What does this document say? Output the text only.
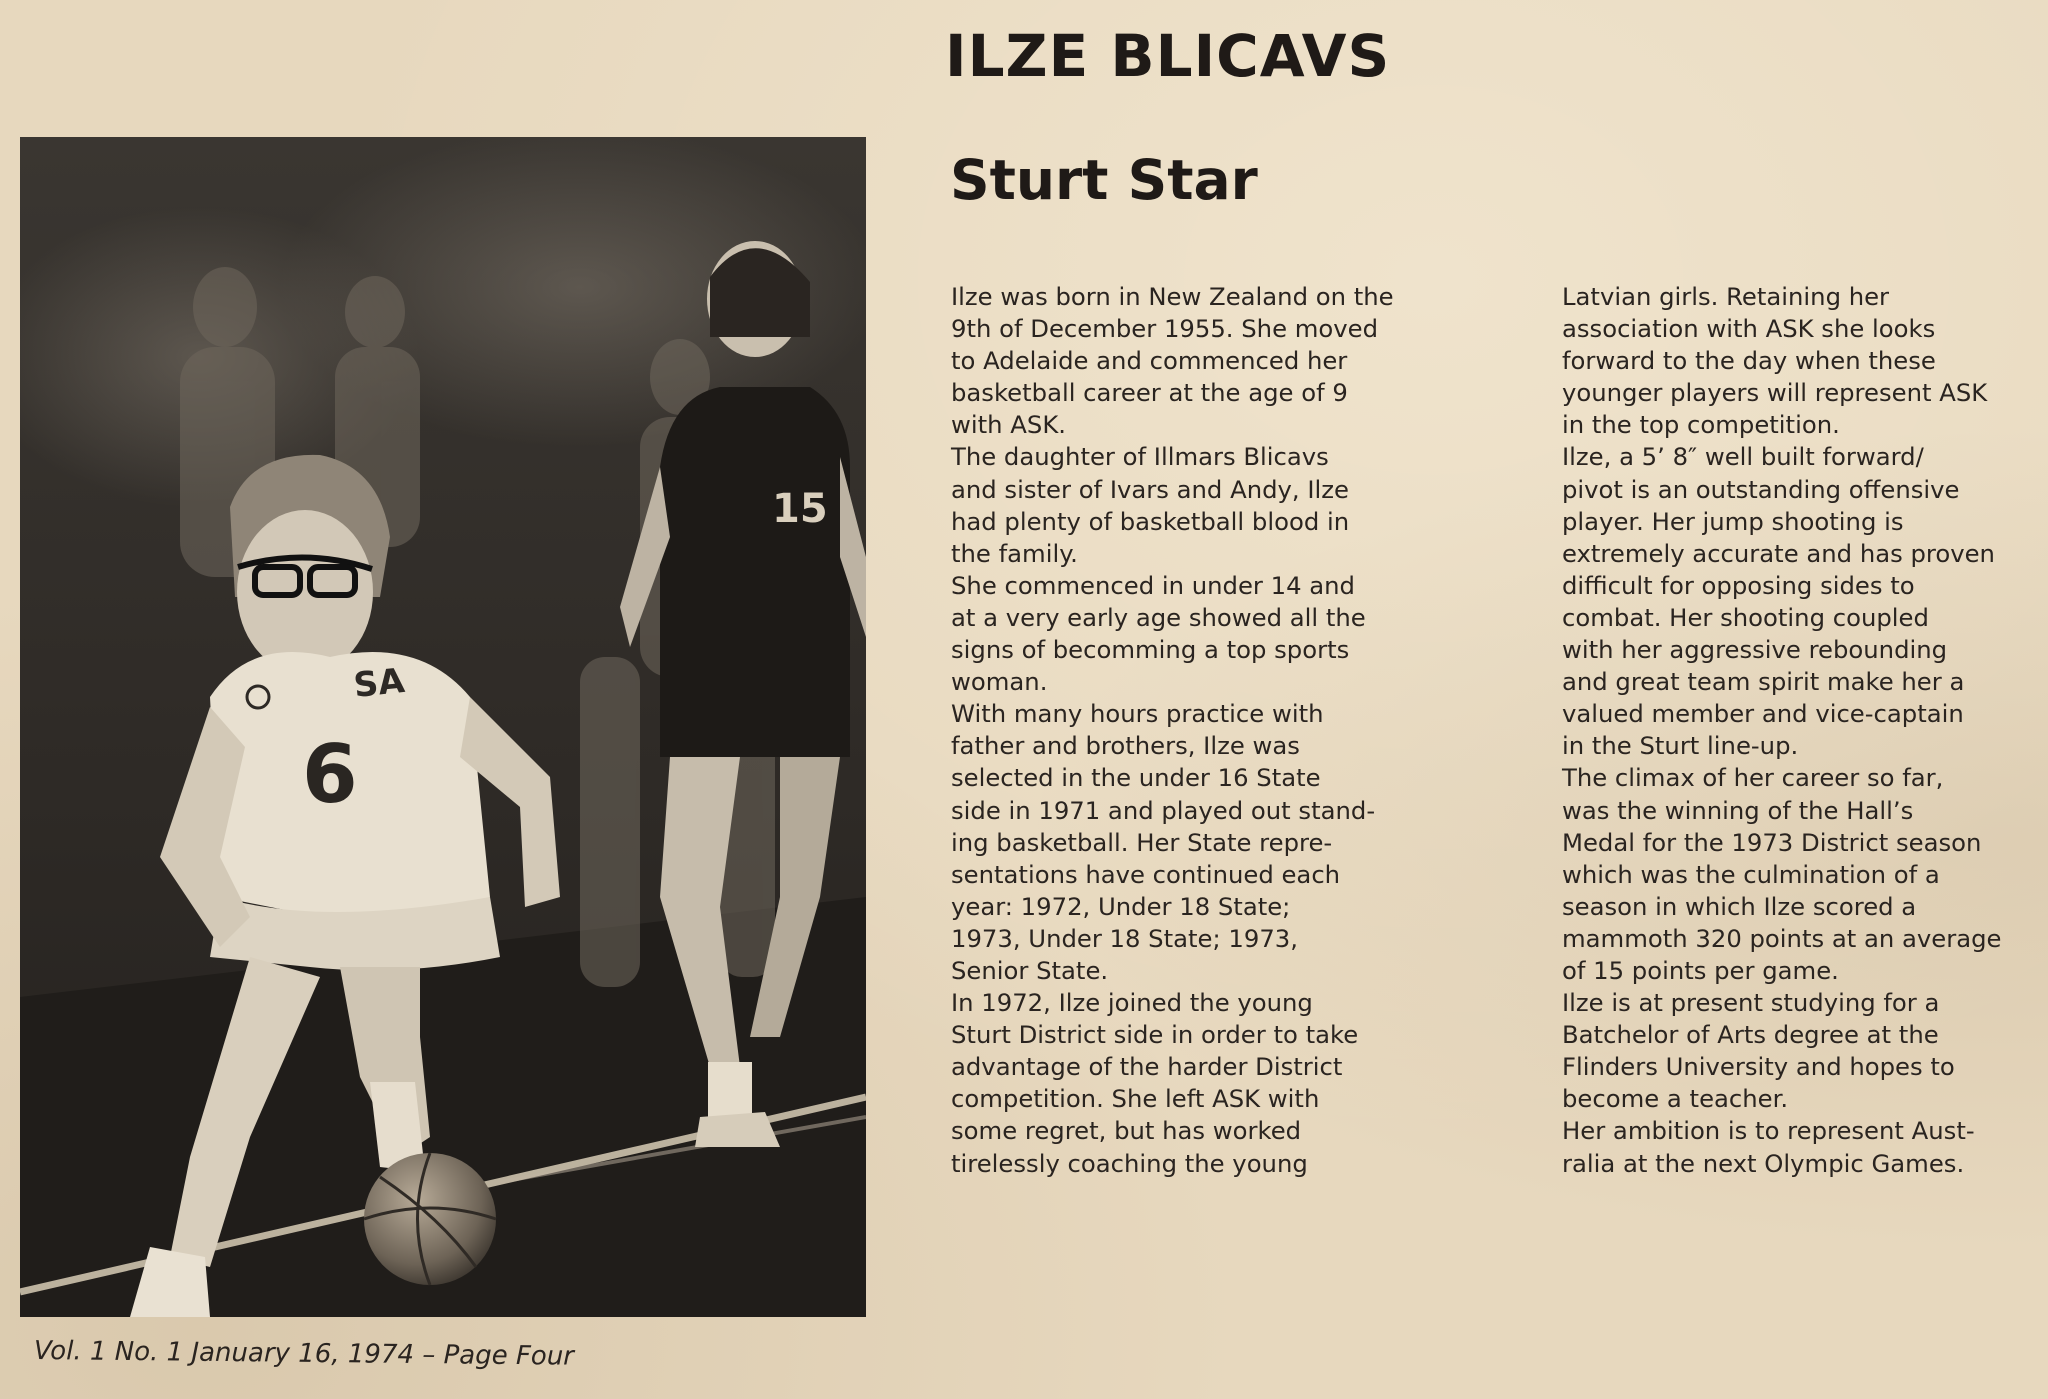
ILZE BLICAVS
Sturt Star
15
SA
6
Ilze was born in New Zealand on the
9th of December 1955. She moved
to Adelaide and commenced her
basketball career at the age of 9
with ASK.
The daughter of Illmars Blicavs
and sister of Ivars and Andy, Ilze
had plenty of basketball blood in
the family.
She commenced in under 14 and
at a very early age showed all the
signs of becomming a top sports
woman.
With many hours practice with
father and brothers, Ilze was
selected in the under 16 State
side in 1971 and played out stand-
ing basketball. Her State repre-
sentations have continued each
year: 1972, Under 18 State;
1973, Under 18 State; 1973,
Senior State.
In 1972, Ilze joined the young
Sturt District side in order to take
advantage of the harder District
competition. She left ASK with
some regret, but has worked
tirelessly coaching the young
Latvian girls. Retaining her
association with ASK she looks
forward to the day when these
younger players will represent ASK
in the top competition.
Ilze, a 5’ 8″ well built forward/
pivot is an outstanding offensive
player. Her jump shooting is
extremely accurate and has proven
difficult for opposing sides to
combat. Her shooting coupled
with her aggressive rebounding
and great team spirit make her a
valued member and vice-captain
in the Sturt line-up.
The climax of her career so far,
was the winning of the Hall’s
Medal for the 1973 District season
which was the culmination of a
season in which Ilze scored a
mammoth 320 points at an average
of 15 points per game.
Ilze is at present studying for a
Batchelor of Arts degree at the
Flinders University and hopes to
become a teacher.
Her ambition is to represent Aust-
ralia at the next Olympic Games.

Vol. 1 No. 1 January 16, 1974 – Page Four
